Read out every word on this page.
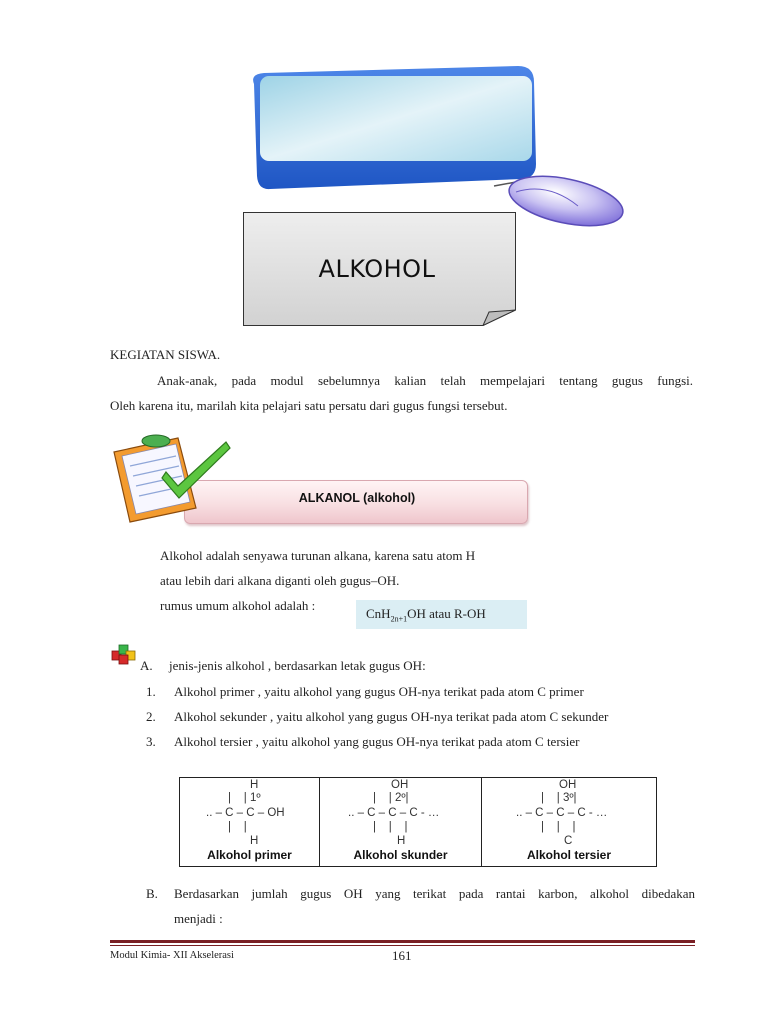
ALKOHOL
KEGIATAN SISWA.
Anak-anak, pada modul sebelumnya kalian telah mempelajari tentang gugus fungsi.
Oleh karena itu, marilah kita pelajari satu persatu dari gugus fungsi tersebut.
ALKANOL (alkohol)
Alkohol adalah senyawa turunan alkana, karena satu atom H
atau lebih dari alkana diganti oleh gugus–OH.
rumus umum alkohol adalah :
CnH$_{2n+1}$OH atau R-OH
A. jenis-jenis alkohol , berdasarkan letak gugus OH:
1. Alkohol primer , yaitu alkohol yang gugus OH-nya terikat pada atom C primer
2. Alkohol sekunder , yaitu alkohol yang gugus OH-nya terikat pada atom C sekunder
3. Alkohol tersier , yaitu alkohol yang gugus OH-nya terikat pada atom C tersier
H
|    | 1º
.. – C – C – OH
|    |
H
Alkohol primer
OH
|    | 2º|
.. – C – C – C - …
|    |    |
H
Alkohol skunder
OH
|    | 3º|
.. – C – C – C - …
|    |    |
C
Alkohol tersier
B. Berdasarkan jumlah gugus OH yang terikat pada rantai karbon, alkohol dibedakan
menjadi :
Modul Kimia- XII Akselerasi	161
